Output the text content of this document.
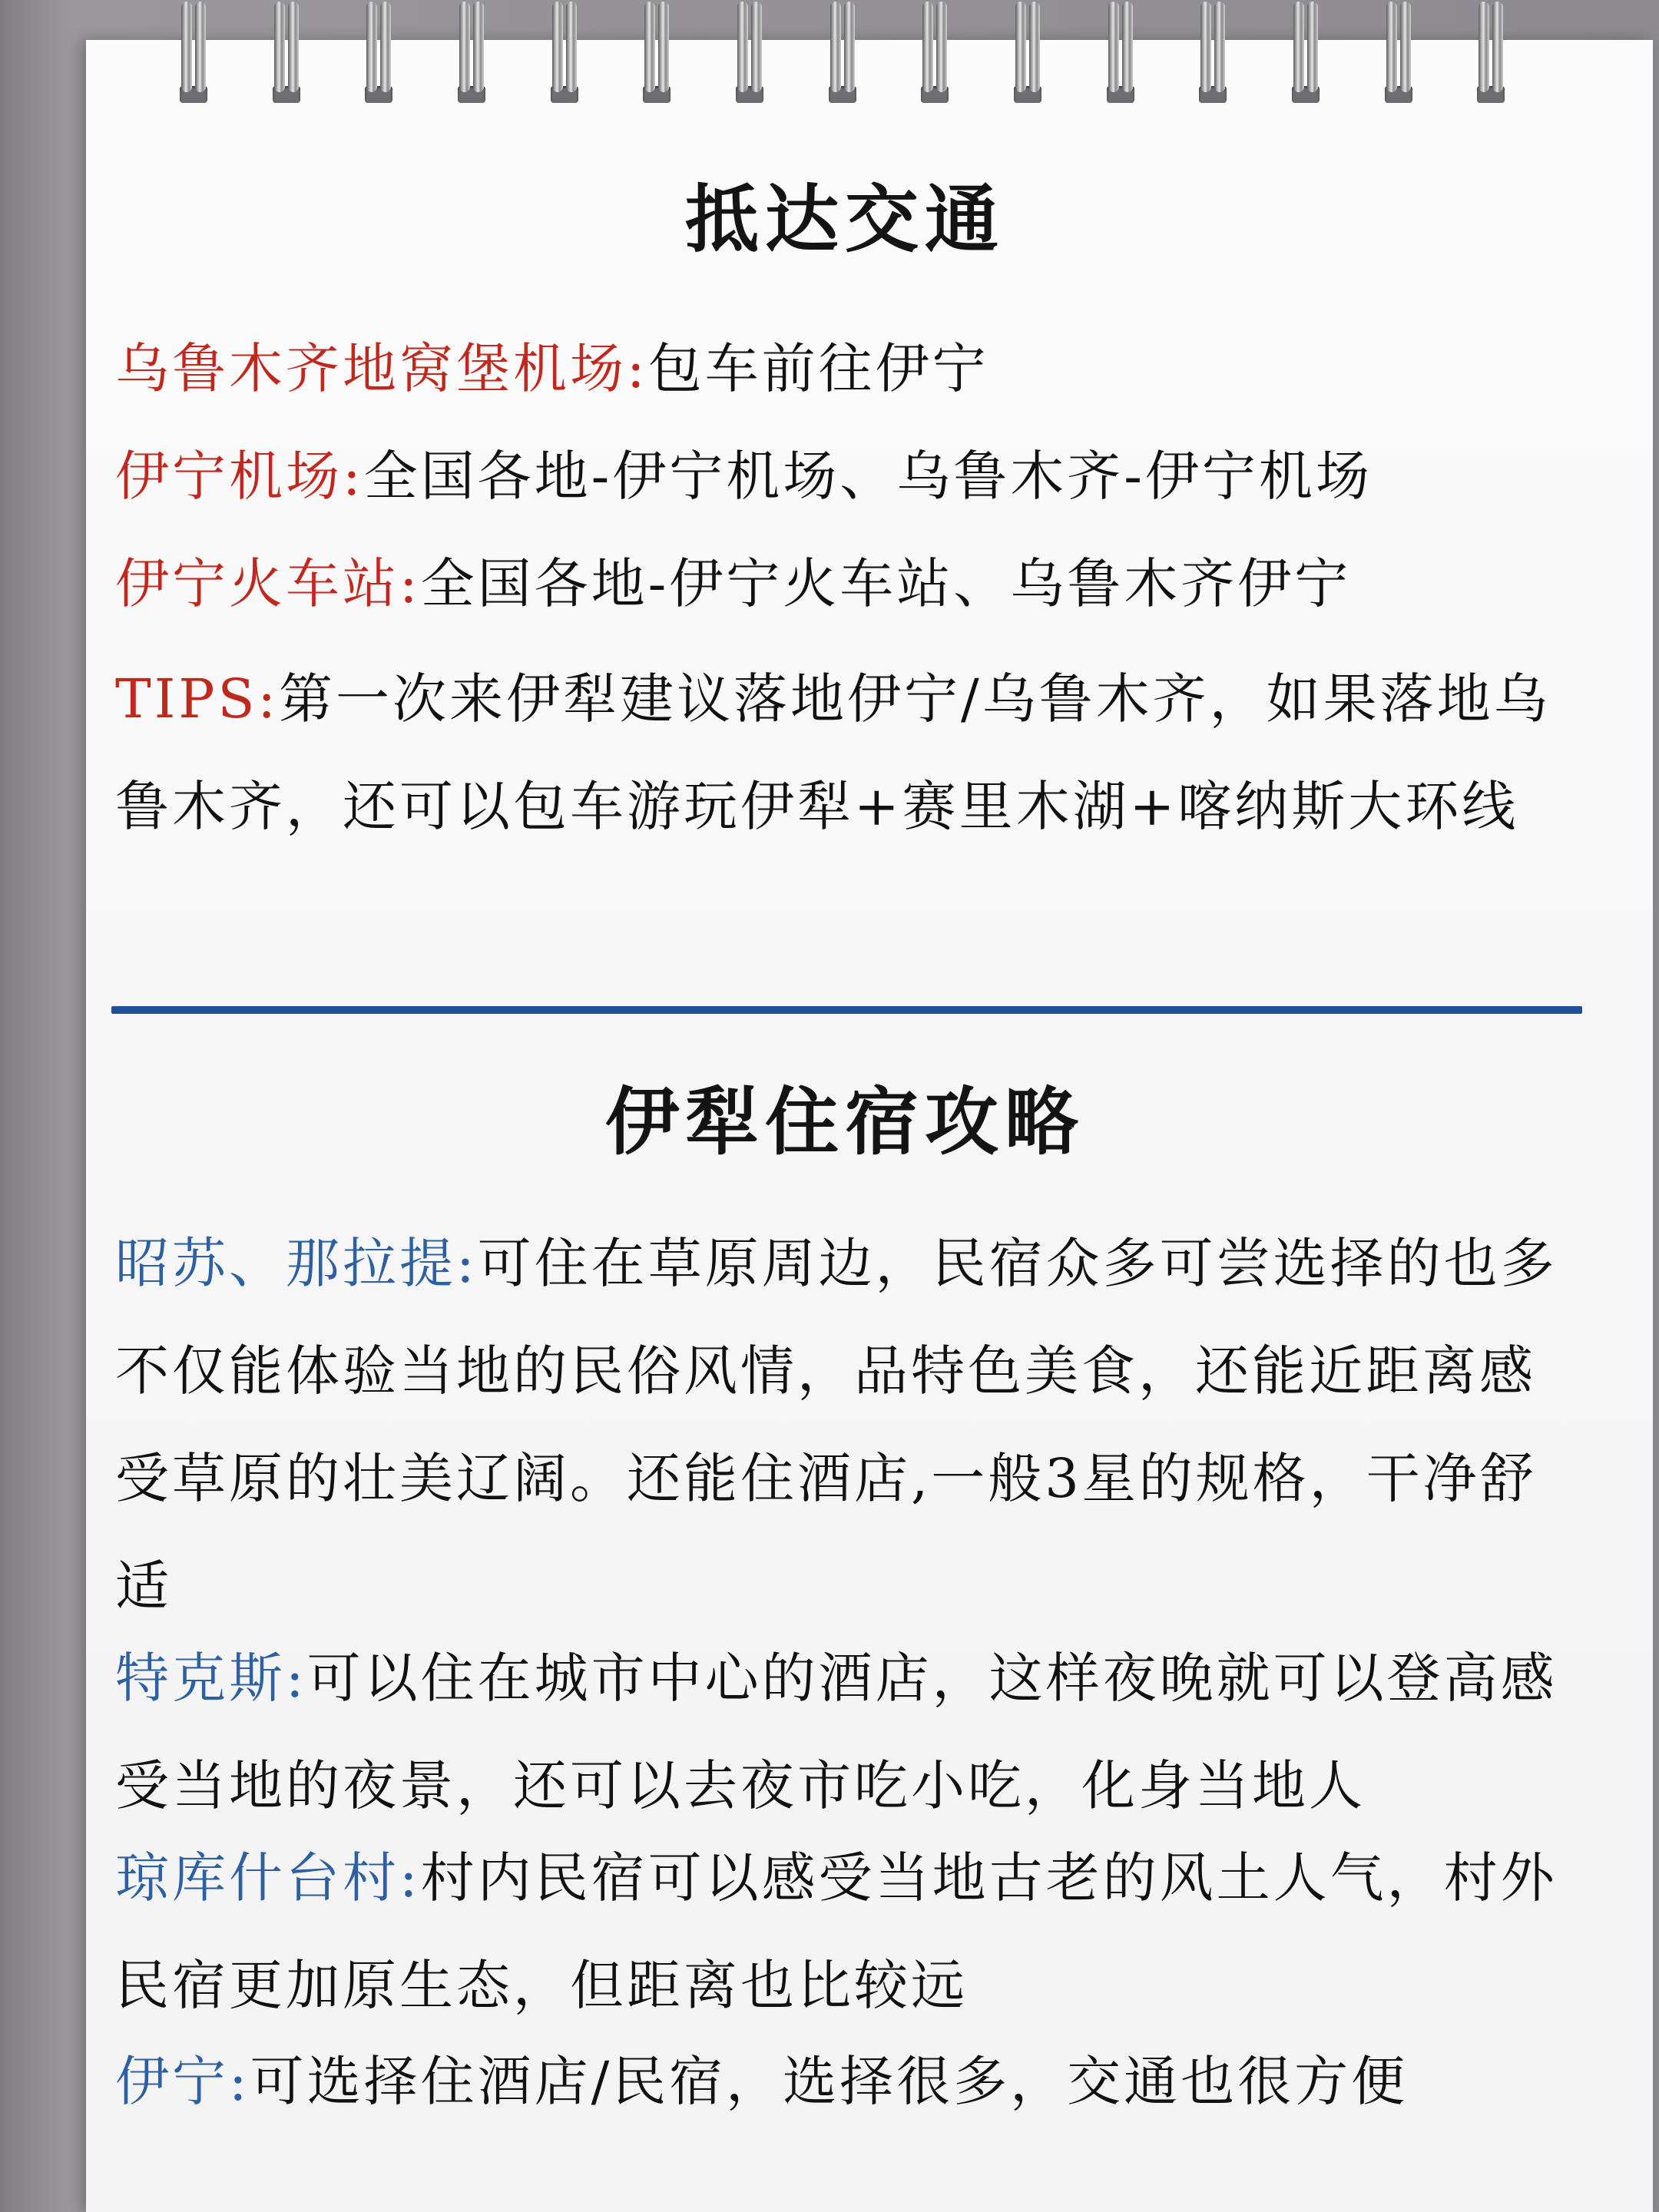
抵达交通
乌鲁木齐地窝堡机场:包车前往伊宁
伊宁机场:全国各地-伊宁机场、乌鲁木齐-伊宁机场
伊宁火车站:全国各地-伊宁火车站、乌鲁木齐伊宁
TIPS:第一次来伊犁建议落地伊宁/乌鲁木齐，如果落地乌鲁木齐，还可以包车游玩伊犁+赛里木湖+喀纳斯大环线
伊犁住宿攻略
昭苏、那拉提:可住在草原周边，民宿众多可尝选择的也多不仅能体验当地的民俗风情，品特色美食，还能近距离感受草原的壮美辽阔。还能住酒店,一般3星的规格，干净舒适
特克斯:可以住在城市中心的酒店，这样夜晚就可以登高感受当地的夜景，还可以去夜市吃小吃，化身当地人
琼库什台村:村内民宿可以感受当地古老的风土人气，村外民宿更加原生态，但距离也比较远
伊宁:可选择住酒店/民宿，选择很多，交通也很方便
